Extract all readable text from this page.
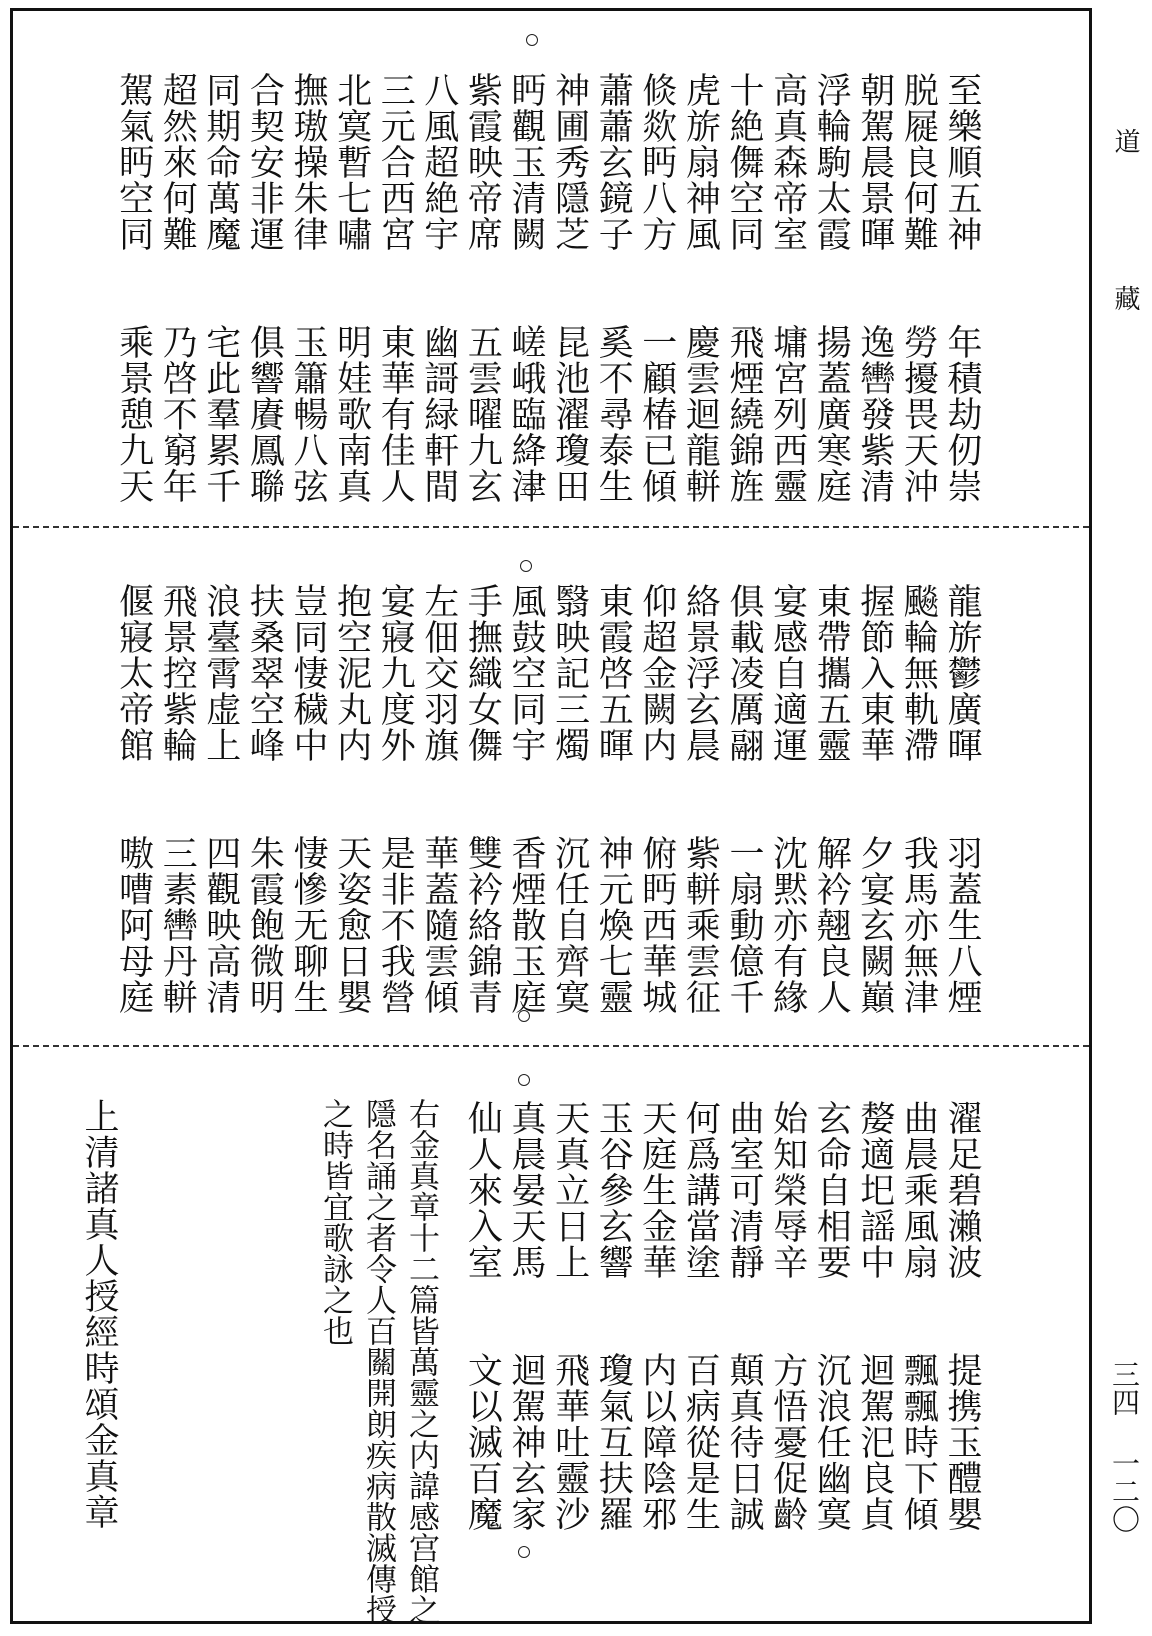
道
藏
三四 一二〇
至樂順五神　　年積劫仞崇
脱屣良何難　　勞擾畏天沖
朝駕晨景暉　　逸轡發紫清
浮輪駒太霞　　揚蓋廣寒庭
高真森帝室　　墉宮列西靈
十絶儛空同　　飛煙繞錦旌
虎旂扇神風　　慶雲迴龍軿
倐欻眄八方　　一顧椿已傾
蕭蕭玄鏡子　　奚不尋泰生
神圃秀隱芝　　昆池濯瓊田
眄觀玉清闕　　嵯峨臨絳津
紫霞映帝席　　五雲曜九玄
八風超絶宇　　幽謌緑軒間
三元合西宮　　東華有佳人
北寞暫七嘯　　明娃歌南真
撫璈操朱律　　玉簫暢八弦
合契安非運　　俱響賡鳳聯
同期命萬魔　　宅此羣累千
超然來何難　　乃啓不窮年
駕氣眄空同　　乘景憩九天
龍旂鬱廣暉　　羽蓋生八煙
飈輪無軌滯　　我馬亦無津
握節入東華　　夕宴玄闕巔
東帶攜五靈　　解衿翹良人
宴感自適運　　沈黙亦有緣
俱載凌厲翮　　一扇動億千
絡景浮玄晨　　紫軿乘雲征
仰超金闕内　　俯眄西華城
東霞啓五暉　　神元煥七靈
翳映記三燭　　沉任自齊寞
風鼓空同宇　　香煙散玉庭
手撫織女儛　　雙衿絡錦青
左佃交羽旗　　華蓋隨雲傾
宴寢九度外　　是非不我營
抱空泥丸内　　天姿愈日嬰
豈同悽穢中　　悽慘无聊生
扶桑翠空峰　　朱霞飽微明
浪臺霄虚上　　四觀映高清
飛景控紫輪　　三素轡丹軿
偃寢太帝館　　嗷嘈阿母庭
濯足碧瀨波　　提携玉醴嬰
曲晨乘風扇　　飄飄時下傾
嫠適圯謡中　　迴駕汜良貞
玄命自相要　　沉浪任幽寞
始知榮辱辛　　方悟憂促齡
曲室可清靜　　顛真待日誠
何爲講當塗　　百病從是生
天庭生金華　　内以障陰邪
玉谷參玄響　　瓊氣互扶羅
天真立日上　　飛華吐靈沙
真晨晏天馬　　迴駕神玄家
仙人來入室　　文以滅百魔
右金真章十二篇皆萬靈之内諱感宫館之
隱名誦之者令人百關開朗疾病散滅傳授
之時皆宜歌詠之也
上清諸真人授經時頌金真章
